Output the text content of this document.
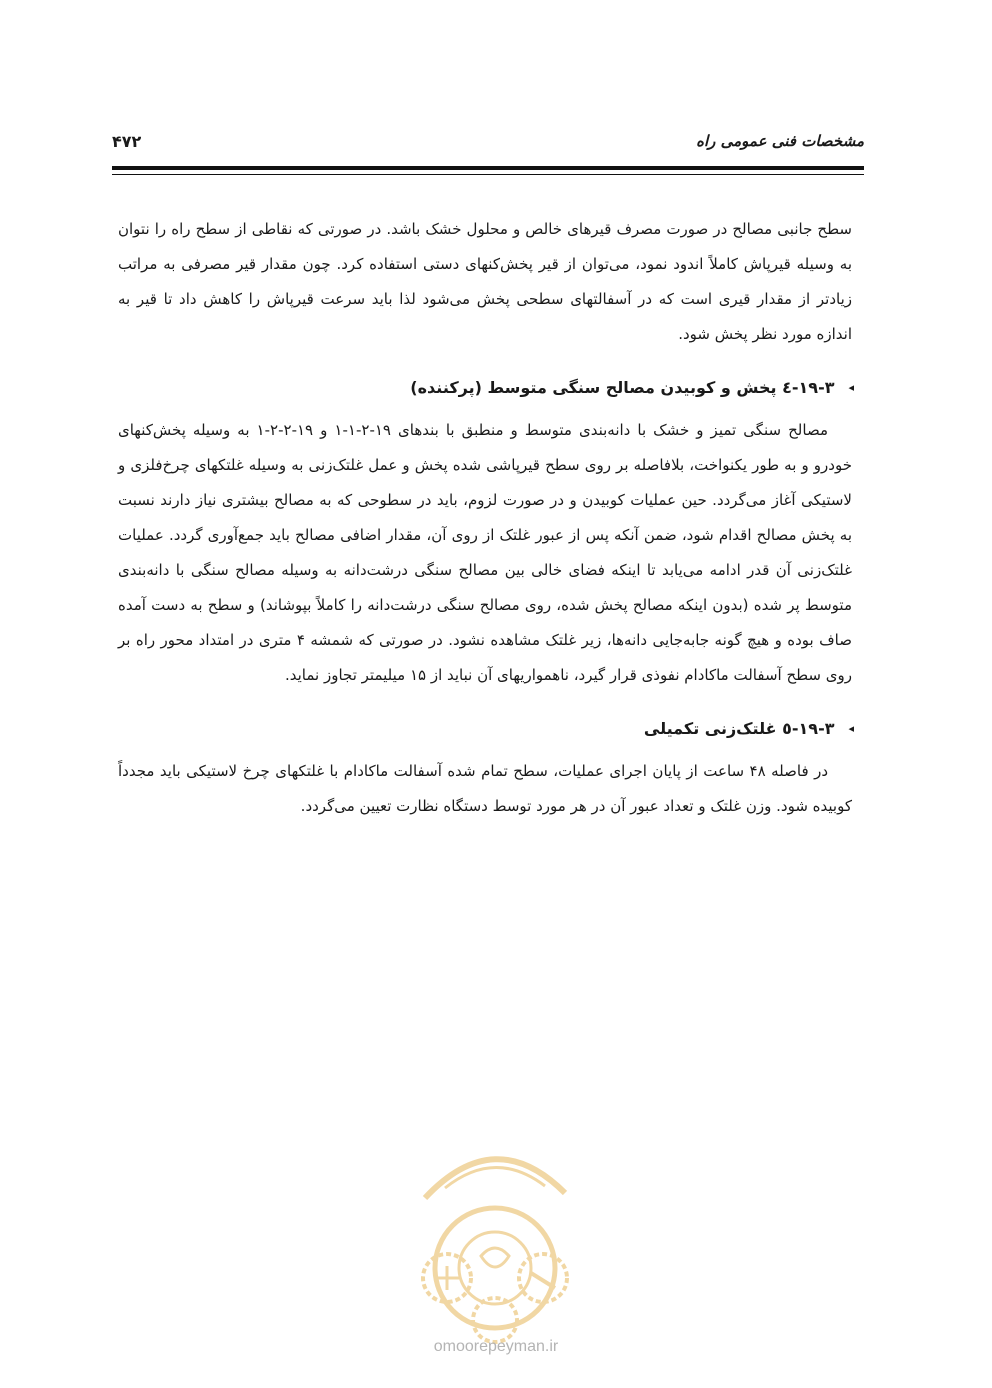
مشخصات فنی عمومی راه
۴۷۲

سطح جانبی مصالح در صورت مصرف قیرهای خالص و محلول خشک باشد. در صورتی که نقاطی از سطح راه را نتوان به وسیله قیرپاش کاملاً اندود نمود، می‌توان از قیر پخش‌کنهای دستی استفاده کرد. چون مقدار قیر مصرفی به مراتب زیادتر از مقدار قیری است که در آسفالتهای سطحی پخش می‌شود لذا باید سرعت قیرپاش را کاهش داد تا قیر به اندازه مورد نظر پخش شود.

◂
۱۹-۳-٤ پخش و کوبیدن مصالح سنگی متوسط (پرکننده)

مصالح سنگی تمیز و خشک با دانه‌بندی متوسط و منطبق با بندهای ۱۹-۲-۱-۱ و ۱۹-۲-۲-۱ به وسیله پخش‌کنهای خودرو و به طور یکنواخت، بلافاصله بر روی سطح قیرپاشی شده پخش و عمل غلتک‌زنی به وسیله غلتکهای چرخ‌فلزی و لاستیکی آغاز می‌گردد. حین عملیات کوبیدن و در صورت لزوم، باید در سطوحی که به مصالح بیشتری نیاز دارند نسبت به پخش مصالح اقدام شود، ضمن آنکه پس از عبور غلتک از روی آن، مقدار اضافی مصالح باید جمع‌آوری گردد. عملیات غلتک‌زنی آن قدر ادامه می‌یابد تا اینکه فضای خالی بین مصالح سنگی درشت‌دانه به وسیله مصالح سنگی با دانه‌بندی متوسط پر شده (بدون اینکه مصالح پخش شده، روی مصالح سنگی درشت‌دانه را کاملاً بپوشاند) و سطح به دست آمده صاف بوده و هیچ گونه جابه‌جایی دانه‌ها، زیر غلتک مشاهده نشود. در صورتی که شمشه ۴ متری در امتداد محور راه بر روی سطح آسفالت ماکادام نفوذی قرار گیرد، ناهمواریهای آن نباید از ۱۵ میلیمتر تجاوز نماید.

◂
۱۹-۳-٥ غلتک‌زنی تکمیلی

در فاصله ۴۸ ساعت از پایان اجرای عملیات، سطح تمام شده آسفالت ماکادام با غلتکهای چرخ لاستیکی باید مجدداً کوبیده شود. وزن غلتک و تعداد عبور آن در هر مورد توسط دستگاه نظارت تعیین می‌گردد.

omoorepeyman.ir
